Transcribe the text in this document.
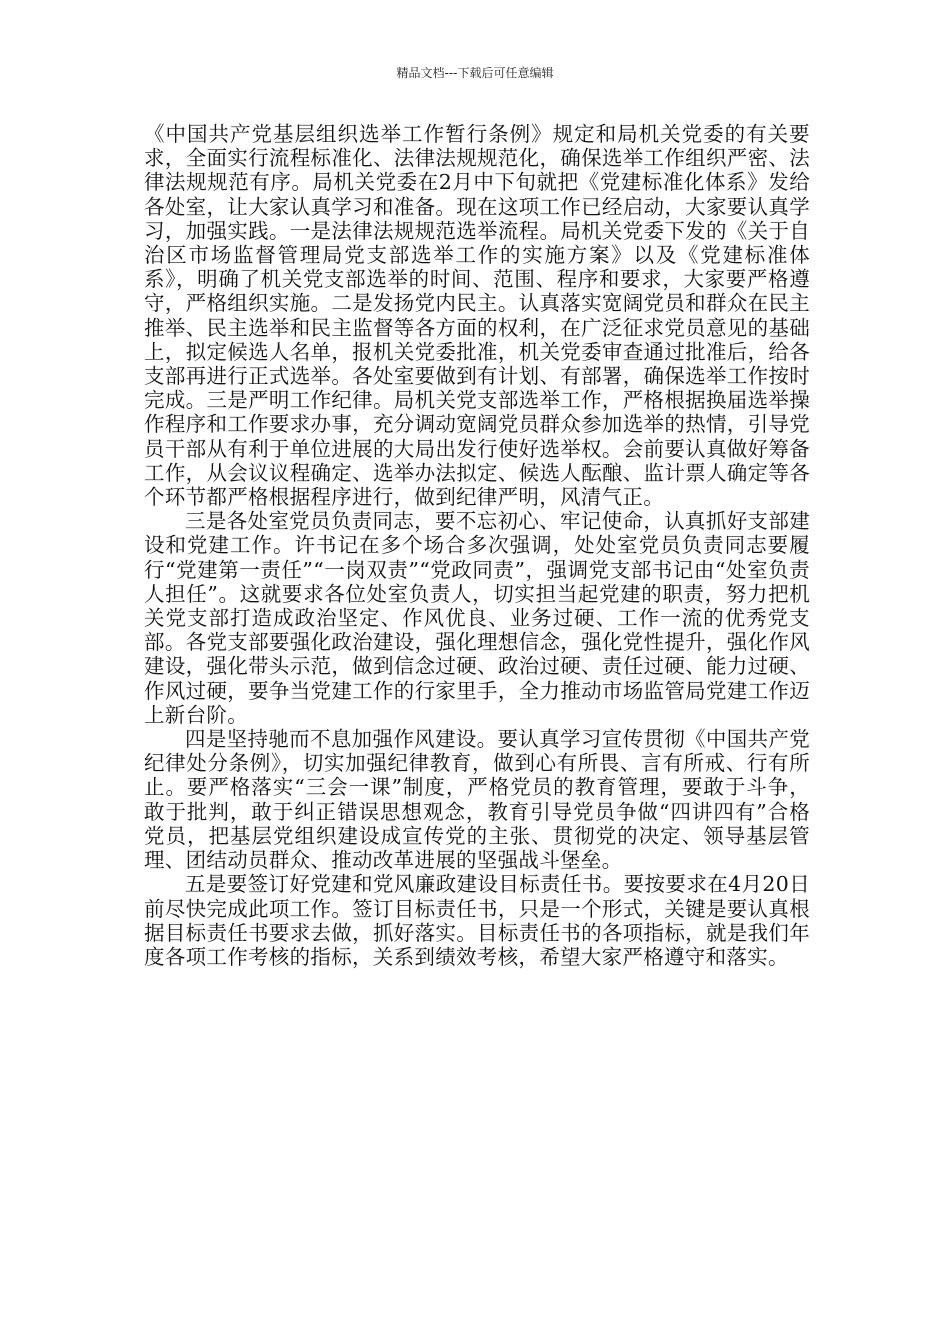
精品文档---下载后可任意编辑

《中国共产党基层组织选举工作暂行条例》规定和局机关党委的有关要求，全面实行流程标准化、法律法规规范化，确保选举工作组织严密、法律法规规范有序。局机关党委在2月中下旬就把《党建标准化体系》发给各处室，让大家认真学习和准备。现在这项工作已经启动，大家要认真学习，加强实践。一是法律法规规范选举流程。局机关党委下发的《关于自治区市场监督管理局党支部选举工作的实施方案》以及《党建标准体系》，明确了机关党支部选举的时间、范围、程序和要求，大家要严格遵守，严格组织实施。二是发扬党内民主。认真落实宽阔党员和群众在民主推举、民主选举和民主监督等各方面的权利，在广泛征求党员意见的基础上，拟定候选人名单，报机关党委批准，机关党委审查通过批准后，给各支部再进行正式选举。各处室要做到有计划、有部署，确保选举工作按时完成。三是严明工作纪律。局机关党支部选举工作，严格根据换届选举操作程序和工作要求办事，充分调动宽阔党员群众参加选举的热情，引导党员干部从有利于单位进展的大局出发行使好选举权。会前要认真做好筹备工作，从会议议程确定、选举办法拟定、候选人酝酿、监计票人确定等各个环节都严格根据程序进行，做到纪律严明，风清气正。

三是各处室党员负责同志，要不忘初心、牢记使命，认真抓好支部建设和党建工作。许书记在多个场合多次强调，处处室党员负责同志要履行“党建第一责任”“一岗双责”“党政同责”，强调党支部书记由“处室负责人担任”。这就要求各位处室负责人，切实担当起党建的职责，努力把机关党支部打造成政治坚定、作风优良、业务过硬、工作一流的优秀党支部。各党支部要强化政治建设，强化理想信念，强化党性提升，强化作风建设，强化带头示范，做到信念过硬、政治过硬、责任过硬、能力过硬、作风过硬，要争当党建工作的行家里手，全力推动市场监管局党建工作迈上新台阶。

四是坚持驰而不息加强作风建设。要认真学习宣传贯彻《中国共产党纪律处分条例》，切实加强纪律教育，做到心有所畏、言有所戒、行有所止。要严格落实“三会一课”制度，严格党员的教育管理，要敢于斗争，敢于批判，敢于纠正错误思想观念，教育引导党员争做“四讲四有”合格党员，把基层党组织建设成宣传党的主张、贯彻党的决定、领导基层管理、团结动员群众、推动改革进展的坚强战斗堡垒。

五是要签订好党建和党风廉政建设目标责任书。要按要求在4月20日前尽快完成此项工作。签订目标责任书，只是一个形式，关键是要认真根据目标责任书要求去做，抓好落实。目标责任书的各项指标，就是我们年度各项工作考核的指标，关系到绩效考核，希望大家严格遵守和落实。
